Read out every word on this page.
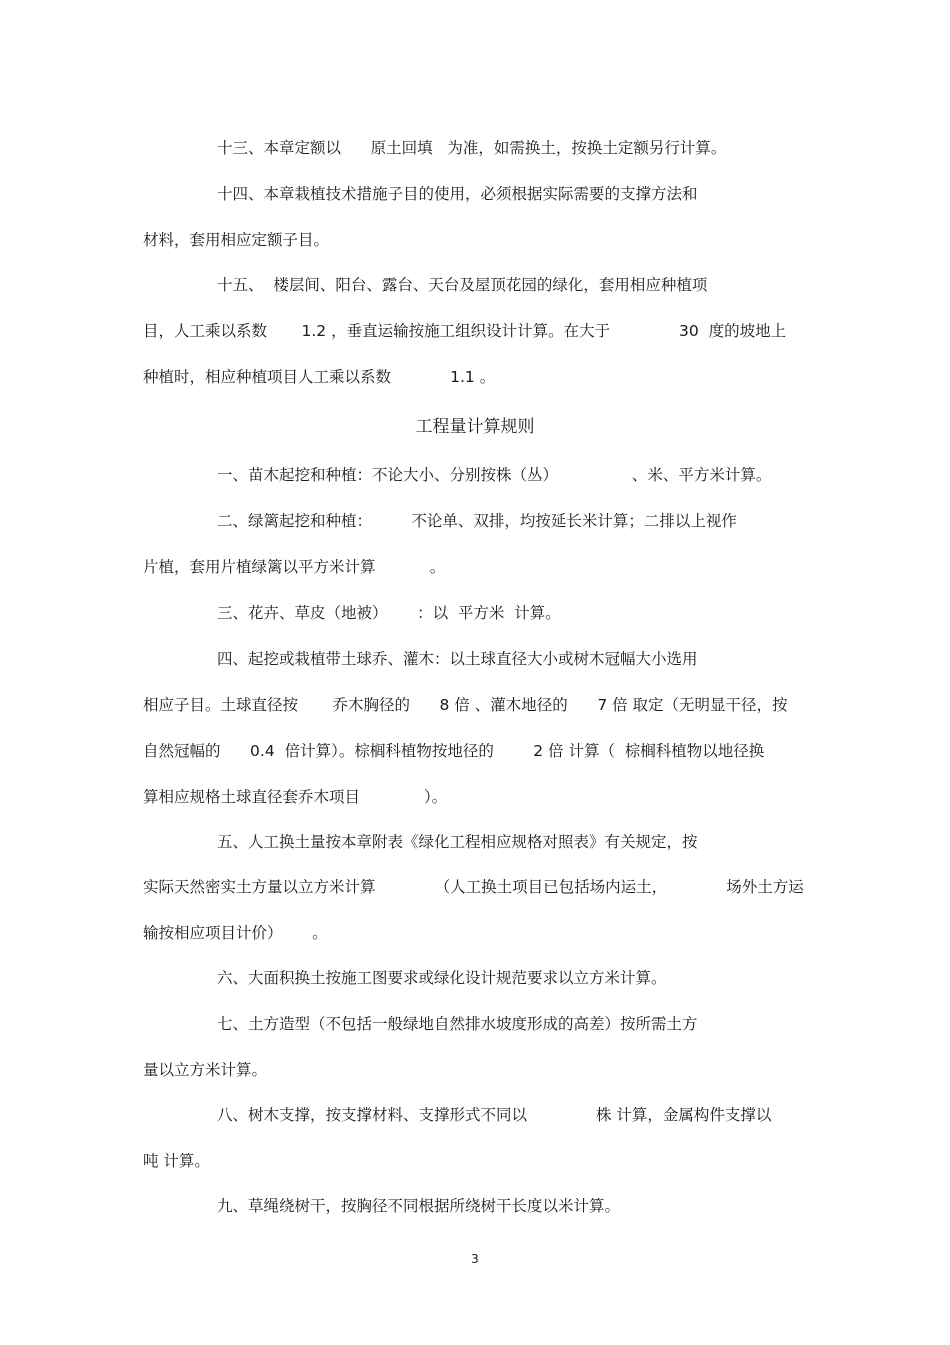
十三、本章定额以      原土回填   为准，如需换土，按换土定额另行计算。
十四、本章栽植技术措施子目的使用，必须根据实际需要的支撑方法和
材料，套用相应定额子目。
十五、  楼层间、阳台、露台、天台及屋顶花园的绿化，套用相应种植项
目，人工乘以系数       1.2 ，垂直运输按施工组织设计计算。在大于              30  度的坡地上
种植时，相应种植项目人工乘以系数            1.1 。
工程量计算规则
一、苗木起挖和种植：不论大小、分别按株（丛）               、米、平方米计算。
二、绿篱起挖和种植：        不论单、双排，均按延长米计算；二排以上视作
片植，套用片植绿篱以平方米计算           。
三、花卉、草皮（地被）      ：以  平方米  计算。
四、起挖或栽植带土球乔、灌木：以土球直径大小或树木冠幅大小选用
相应子目。土球直径按       乔木胸径的      8 倍 、灌木地径的      7 倍 取定（无明显干径，按
自然冠幅的      0.4  倍计算）。棕榈科植物按地径的        2 倍 计算（  棕榈科植物以地径换
算相应规格土球直径套乔木项目             ）。
五、人工换土量按本章附表《绿化工程相应规格对照表》有关规定，按
实际天然密实土方量以立方米计算            （人工换土项目已包括场内运土，            场外土方运
输按相应项目计价）      。
六、大面积换土按施工图要求或绿化设计规范要求以立方米计算。
七、土方造型（不包括一般绿地自然排水坡度形成的高差）按所需土方
量以立方米计算。
八、树木支撑，按支撑材料、支撑形式不同以              株 计算，金属构件支撑以
吨 计算。
九、草绳绕树干，按胸径不同根据所绕树干长度以米计算。
3
